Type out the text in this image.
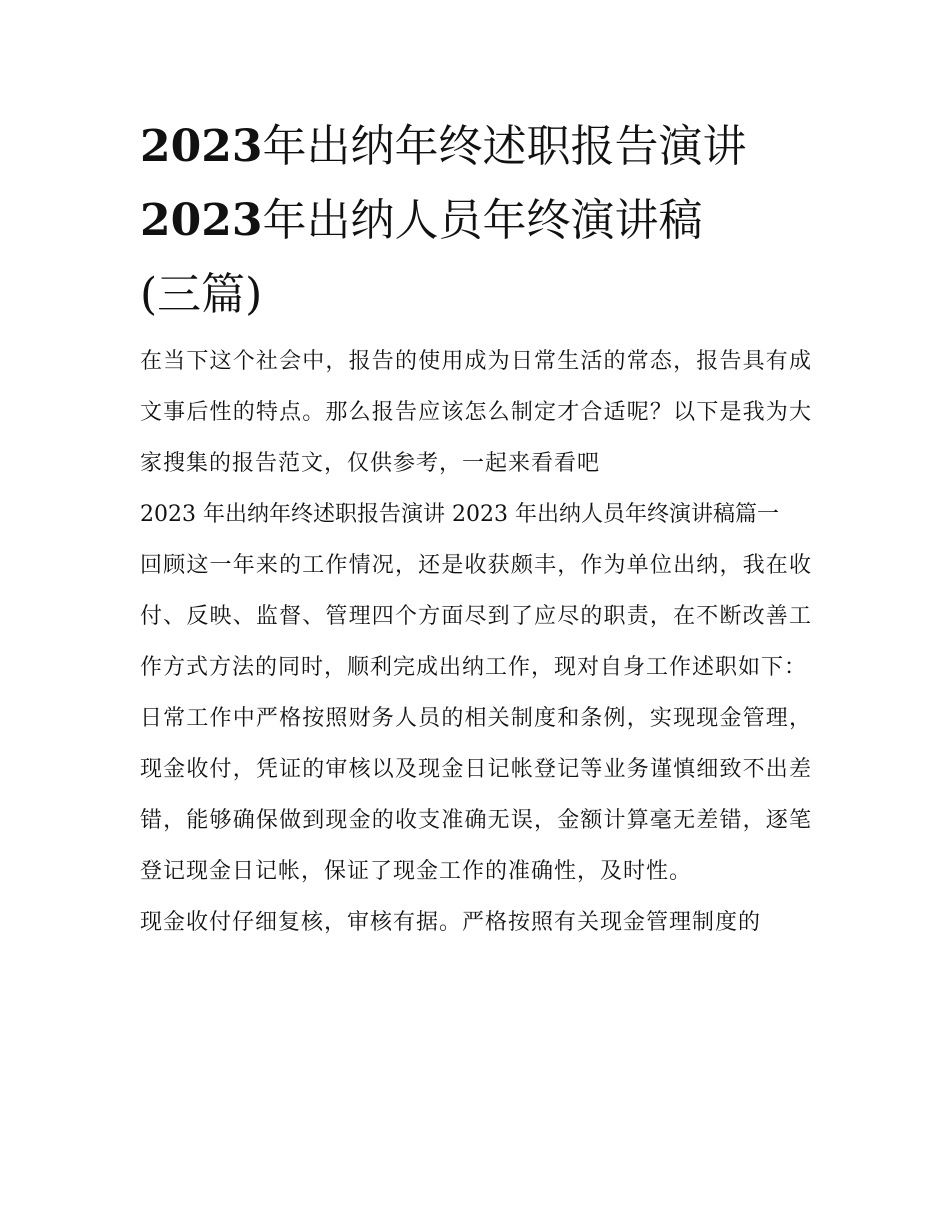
2023年出纳年终述职报告演讲
2023年出纳人员年终演讲稿
(三篇)

在当下这个社会中，报告的使用成为日常生活的常态，报告具有成文事后性的特点。那么报告应该怎么制定才合适呢？以下是我为大家搜集的报告范文，仅供参考，一起来看看吧

2023 年出纳年终述职报告演讲 2023 年出纳人员年终演讲稿篇一

回顾这一年来的工作情况，还是收获颇丰，作为单位出纳，我在收付、反映、监督、管理四个方面尽到了应尽的职责，在不断改善工作方式方法的同时，顺利完成出纳工作，现对自身工作述职如下：

日常工作中严格按照财务人员的相关制度和条例，实现现金管理，现金收付，凭证的审核以及现金日记帐登记等业务谨慎细致不出差错，能够确保做到现金的收支准确无误，金额计算毫无差错，逐笔登记现金日记帐，保证了现金工作的准确性，及时性。

现金收付仔细复核，审核有据。严格按照有关现金管理制度的
